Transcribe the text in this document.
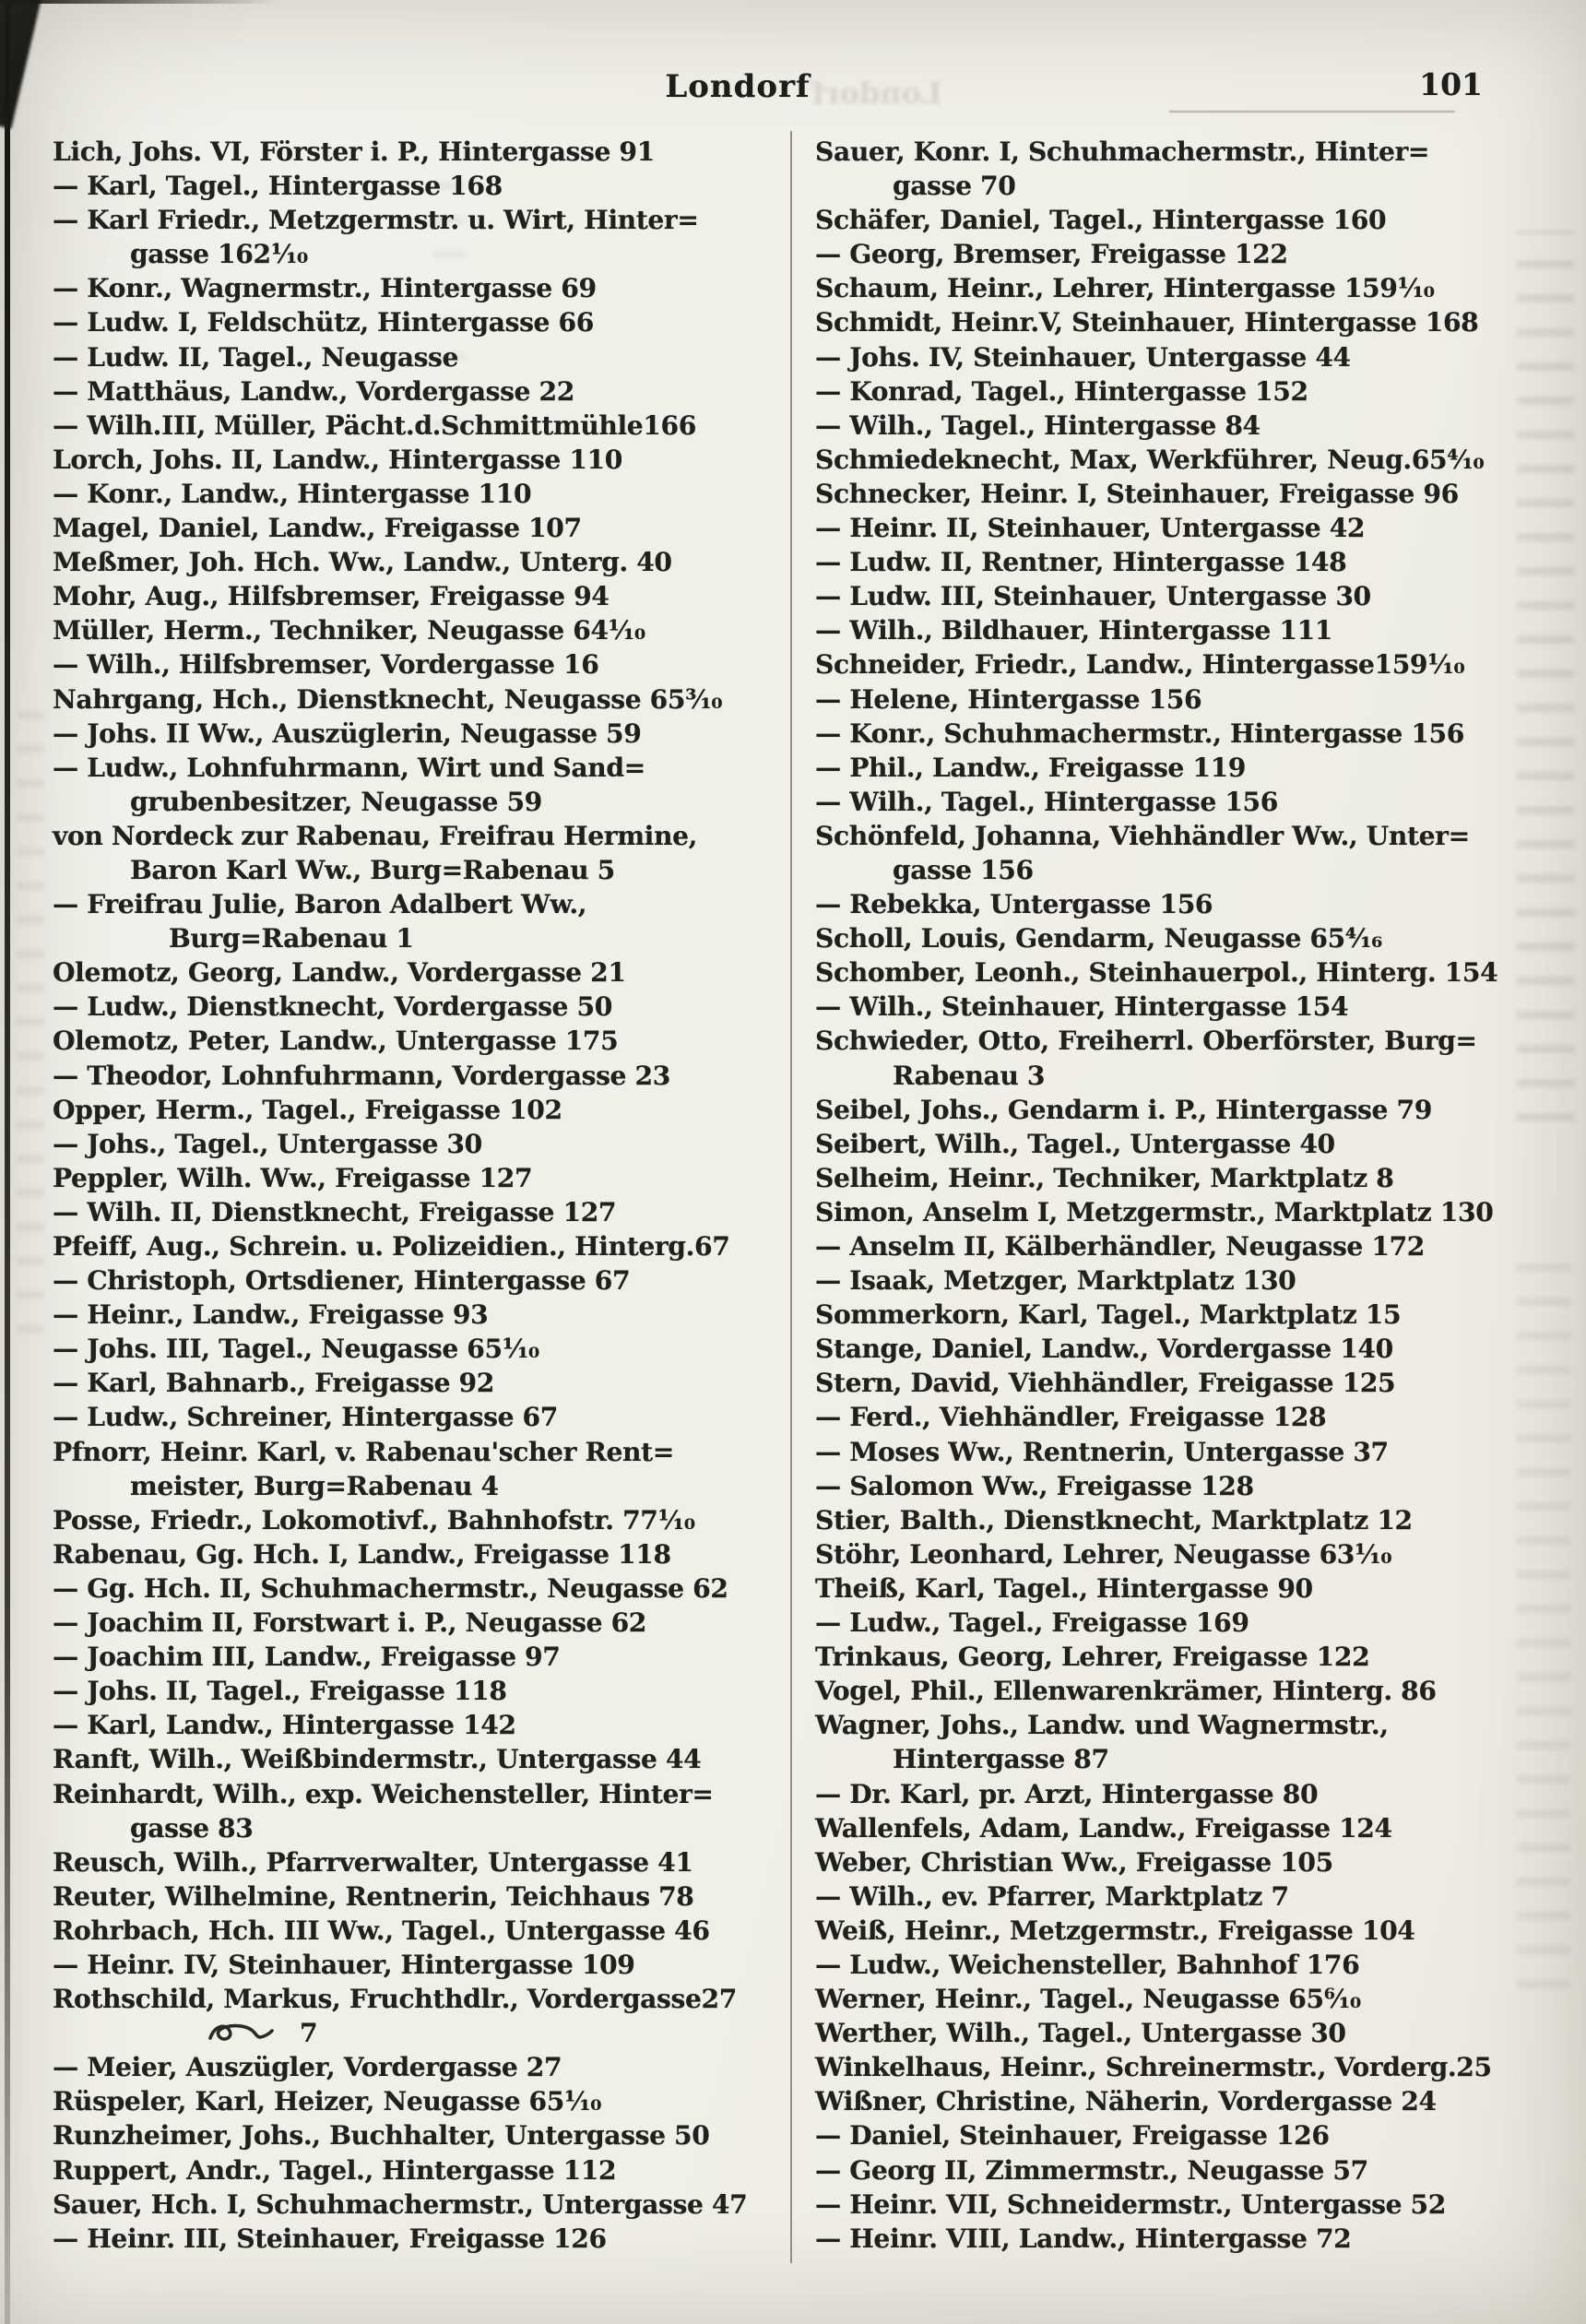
Londorf
Londorf	101
Lich, Johs. VI, Förster i. P., Hintergasse 91
— Karl, Tagel., Hintergasse 168
— Karl Friedr., Metzgermstr. u. Wirt, Hinter=
gasse 162¹⁄₁₀
— Konr., Wagnermstr., Hintergasse 69
— Ludw. I, Feldschütz, Hintergasse 66
— Ludw. II, Tagel., Neugasse
— Matthäus, Landw., Vordergasse 22
— Wilh.III, Müller, Pächt.d.Schmittmühle166
Lorch, Johs. II, Landw., Hintergasse 110
— Konr., Landw., Hintergasse 110
Magel, Daniel, Landw., Freigasse 107
Meßmer, Joh. Hch. Ww., Landw., Unterg. 40
Mohr, Aug., Hilfsbremser, Freigasse 94
Müller, Herm., Techniker, Neugasse 64¹⁄₁₀
— Wilh., Hilfsbremser, Vordergasse 16
Nahrgang, Hch., Dienstknecht, Neugasse 65³⁄₁₀
— Johs. II Ww., Auszüglerin, Neugasse 59
— Ludw., Lohnfuhrmann, Wirt und Sand=
grubenbesitzer, Neugasse 59
von Nordeck zur Rabenau, Freifrau Hermine,
Baron Karl Ww., Burg=Rabenau 5
— Freifrau Julie, Baron Adalbert Ww.,
Burg=Rabenau 1
Olemotz, Georg, Landw., Vordergasse 21
— Ludw., Dienstknecht, Vordergasse 50
Olemotz, Peter, Landw., Untergasse 175
— Theodor, Lohnfuhrmann, Vordergasse 23
Opper, Herm., Tagel., Freigasse 102
— Johs., Tagel., Untergasse 30
Peppler, Wilh. Ww., Freigasse 127
— Wilh. II, Dienstknecht, Freigasse 127
Pfeiff, Aug., Schrein. u. Polizeidien., Hinterg.67
— Christoph, Ortsdiener, Hintergasse 67
— Heinr., Landw., Freigasse 93
— Johs. III, Tagel., Neugasse 65¹⁄₁₀
— Karl, Bahnarb., Freigasse 92
— Ludw., Schreiner, Hintergasse 67
Pfnorr, Heinr. Karl, v. Rabenau'scher Rent=
meister, Burg=Rabenau 4
Posse, Friedr., Lokomotivf., Bahnhofstr. 77¹⁄₁₀
Rabenau, Gg. Hch. I, Landw., Freigasse 118
— Gg. Hch. II, Schuhmachermstr., Neugasse 62
— Joachim II, Forstwart i. P., Neugasse 62
— Joachim III, Landw., Freigasse 97
— Johs. II, Tagel., Freigasse 118
— Karl, Landw., Hintergasse 142
Ranft, Wilh., Weißbindermstr., Untergasse 44
Reinhardt, Wilh., exp. Weichensteller, Hinter=
gasse 83
Reusch, Wilh., Pfarrverwalter, Untergasse 41
Reuter, Wilhelmine, Rentnerin, Teichhaus 78
Rohrbach, Hch. III Ww., Tagel., Untergasse 46
— Heinr. IV, Steinhauer, Hintergasse 109
Rothschild, Markus, Fruchthdlr., Vordergasse27
7
— Meier, Auszügler, Vordergasse 27
Rüspeler, Karl, Heizer, Neugasse 65¹⁄₁₀
Runzheimer, Johs., Buchhalter, Untergasse 50
Ruppert, Andr., Tagel., Hintergasse 112
Sauer, Hch. I, Schuhmachermstr., Untergasse 47
— Heinr. III, Steinhauer, Freigasse 126
Sauer, Konr. I, Schuhmachermstr., Hinter=
gasse 70
Schäfer, Daniel, Tagel., Hintergasse 160
— Georg, Bremser, Freigasse 122
Schaum, Heinr., Lehrer, Hintergasse 159¹⁄₁₀
Schmidt, Heinr.V, Steinhauer, Hintergasse 168
— Johs. IV, Steinhauer, Untergasse 44
— Konrad, Tagel., Hintergasse 152
— Wilh., Tagel., Hintergasse 84
Schmiedeknecht, Max, Werkführer, Neug.65⁴⁄₁₀
Schnecker, Heinr. I, Steinhauer, Freigasse 96
— Heinr. II, Steinhauer, Untergasse 42
— Ludw. II, Rentner, Hintergasse 148
— Ludw. III, Steinhauer, Untergasse 30
— Wilh., Bildhauer, Hintergasse 111
Schneider, Friedr., Landw., Hintergasse159¹⁄₁₀
— Helene, Hintergasse 156
— Konr., Schuhmachermstr., Hintergasse 156
— Phil., Landw., Freigasse 119
— Wilh., Tagel., Hintergasse 156
Schönfeld, Johanna, Viehhändler Ww., Unter=
gasse 156
— Rebekka, Untergasse 156
Scholl, Louis, Gendarm, Neugasse 65⁴⁄₁₆
Schomber, Leonh., Steinhauerpol., Hinterg. 154
— Wilh., Steinhauer, Hintergasse 154
Schwieder, Otto, Freiherrl. Oberförster, Burg=
Rabenau 3
Seibel, Johs., Gendarm i. P., Hintergasse 79
Seibert, Wilh., Tagel., Untergasse 40
Selheim, Heinr., Techniker, Marktplatz 8
Simon, Anselm I, Metzgermstr., Marktplatz 130
— Anselm II, Kälberhändler, Neugasse 172
— Isaak, Metzger, Marktplatz 130
Sommerkorn, Karl, Tagel., Marktplatz 15
Stange, Daniel, Landw., Vordergasse 140
Stern, David, Viehhändler, Freigasse 125
— Ferd., Viehhändler, Freigasse 128
— Moses Ww., Rentnerin, Untergasse 37
— Salomon Ww., Freigasse 128
Stier, Balth., Dienstknecht, Marktplatz 12
Stöhr, Leonhard, Lehrer, Neugasse 63¹⁄₁₀
Theiß, Karl, Tagel., Hintergasse 90
— Ludw., Tagel., Freigasse 169
Trinkaus, Georg, Lehrer, Freigasse 122
Vogel, Phil., Ellenwarenkrämer, Hinterg. 86
Wagner, Johs., Landw. und Wagnermstr.,
Hintergasse 87
— Dr. Karl, pr. Arzt, Hintergasse 80
Wallenfels, Adam, Landw., Freigasse 124
Weber, Christian Ww., Freigasse 105
— Wilh., ev. Pfarrer, Marktplatz 7
Weiß, Heinr., Metzgermstr., Freigasse 104
— Ludw., Weichensteller, Bahnhof 176
Werner, Heinr., Tagel., Neugasse 65⁶⁄₁₀
Werther, Wilh., Tagel., Untergasse 30
Winkelhaus, Heinr., Schreinermstr., Vorderg.25
Wißner, Christine, Näherin, Vordergasse 24
— Daniel, Steinhauer, Freigasse 126
— Georg II, Zimmermstr., Neugasse 57
— Heinr. VII, Schneidermstr., Untergasse 52
— Heinr. VIII, Landw., Hintergasse 72
